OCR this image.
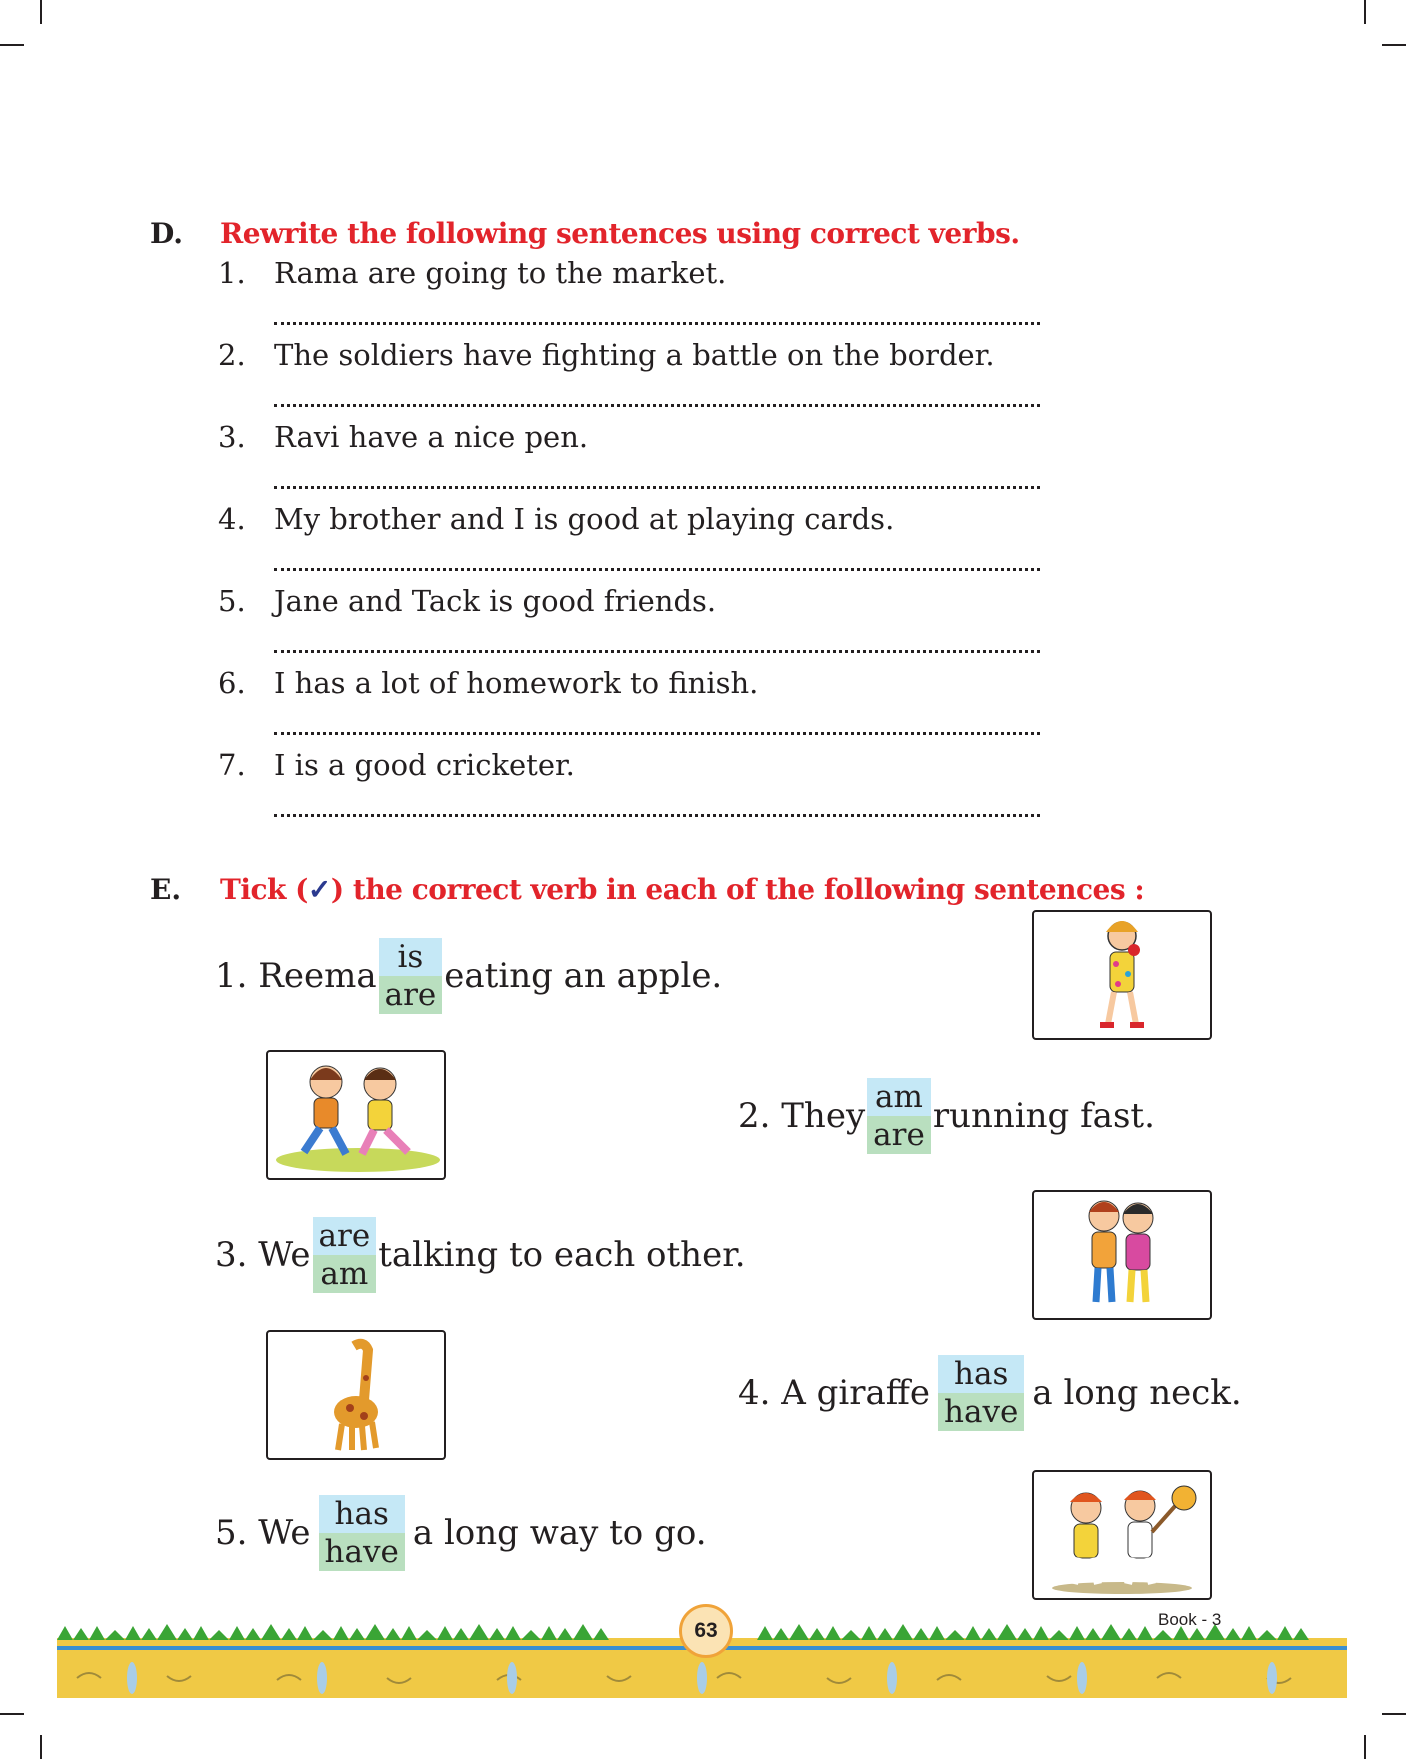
D. Rewrite the following sentences using correct verbs.
1. Rama are going to the market.
2. The soldiers have fighting a battle on the border.
3. Ravi have a nice pen.
4. My brother and I is good at playing cards.
5. Jane and Tack is good friends.
6. I has a lot of homework to finish.
7. I is a good cricketer.
E. Tick (✓) the correct verb in each of the following sentences :
1. Reema is
are eating an apple.
2. They am
are running fast.
3. We are
am talking to each other.
4. A giraffe has
have a long neck.
5. We has
have a long way to go.
63	Book - 3
